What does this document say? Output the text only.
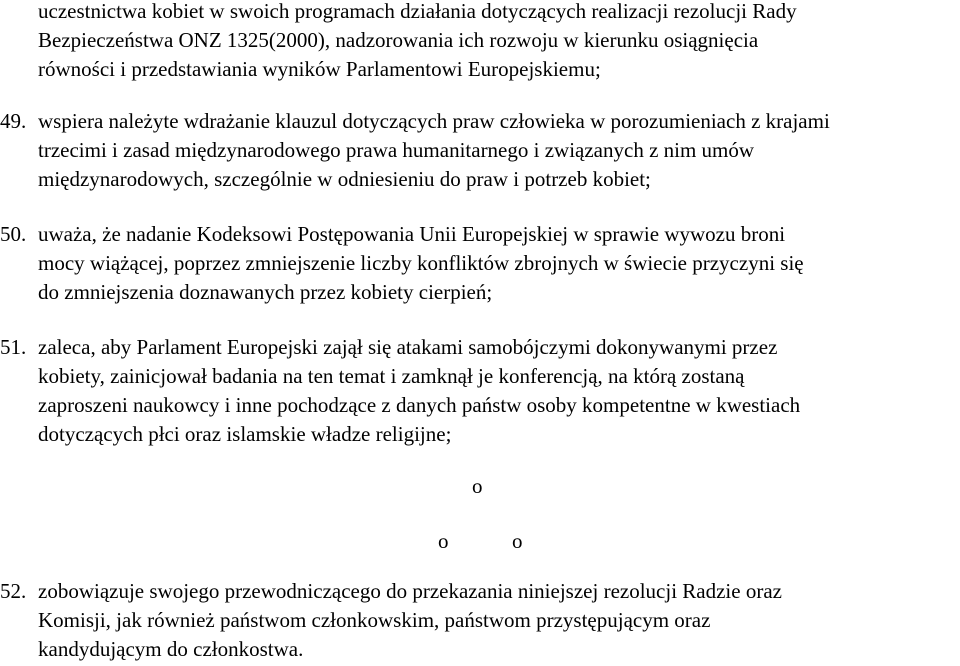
uczestnictwa kobiet w swoich programach działania dotyczących realizacji rezolucji Rady
Bezpieczeństwa ONZ 1325(2000), nadzorowania ich rozwoju w kierunku osiągnięcia
równości i przedstawiania wyników Parlamentowi Europejskiemu;
49. wspiera należyte wdrażanie klauzul dotyczących praw człowieka w porozumieniach z krajami
trzecimi i zasad międzynarodowego prawa humanitarnego i związanych z nim umów
międzynarodowych, szczególnie w odniesieniu do praw i potrzeb kobiet;
50. uważa, że nadanie Kodeksowi Postępowania Unii Europejskiej w sprawie wywozu broni
mocy wiążącej, poprzez zmniejszenie liczby konfliktów zbrojnych w świecie przyczyni się
do zmniejszenia doznawanych przez kobiety cierpień;
51. zaleca, aby Parlament Europejski zajął się atakami samobójczymi dokonywanymi przez
kobiety, zainicjował badania na ten temat i zamknął je konferencją, na którą zostaną
zaproszeni naukowcy i inne pochodzące z danych państw osoby kompetentne w kwestiach
dotyczących płci oraz islamskie władze religijne;
o
o	o
52. zobowiązuje swojego przewodniczącego do przekazania niniejszej rezolucji Radzie oraz
Komisji, jak również państwom członkowskim, państwom przystępującym oraz
kandydującym do członkostwa.
